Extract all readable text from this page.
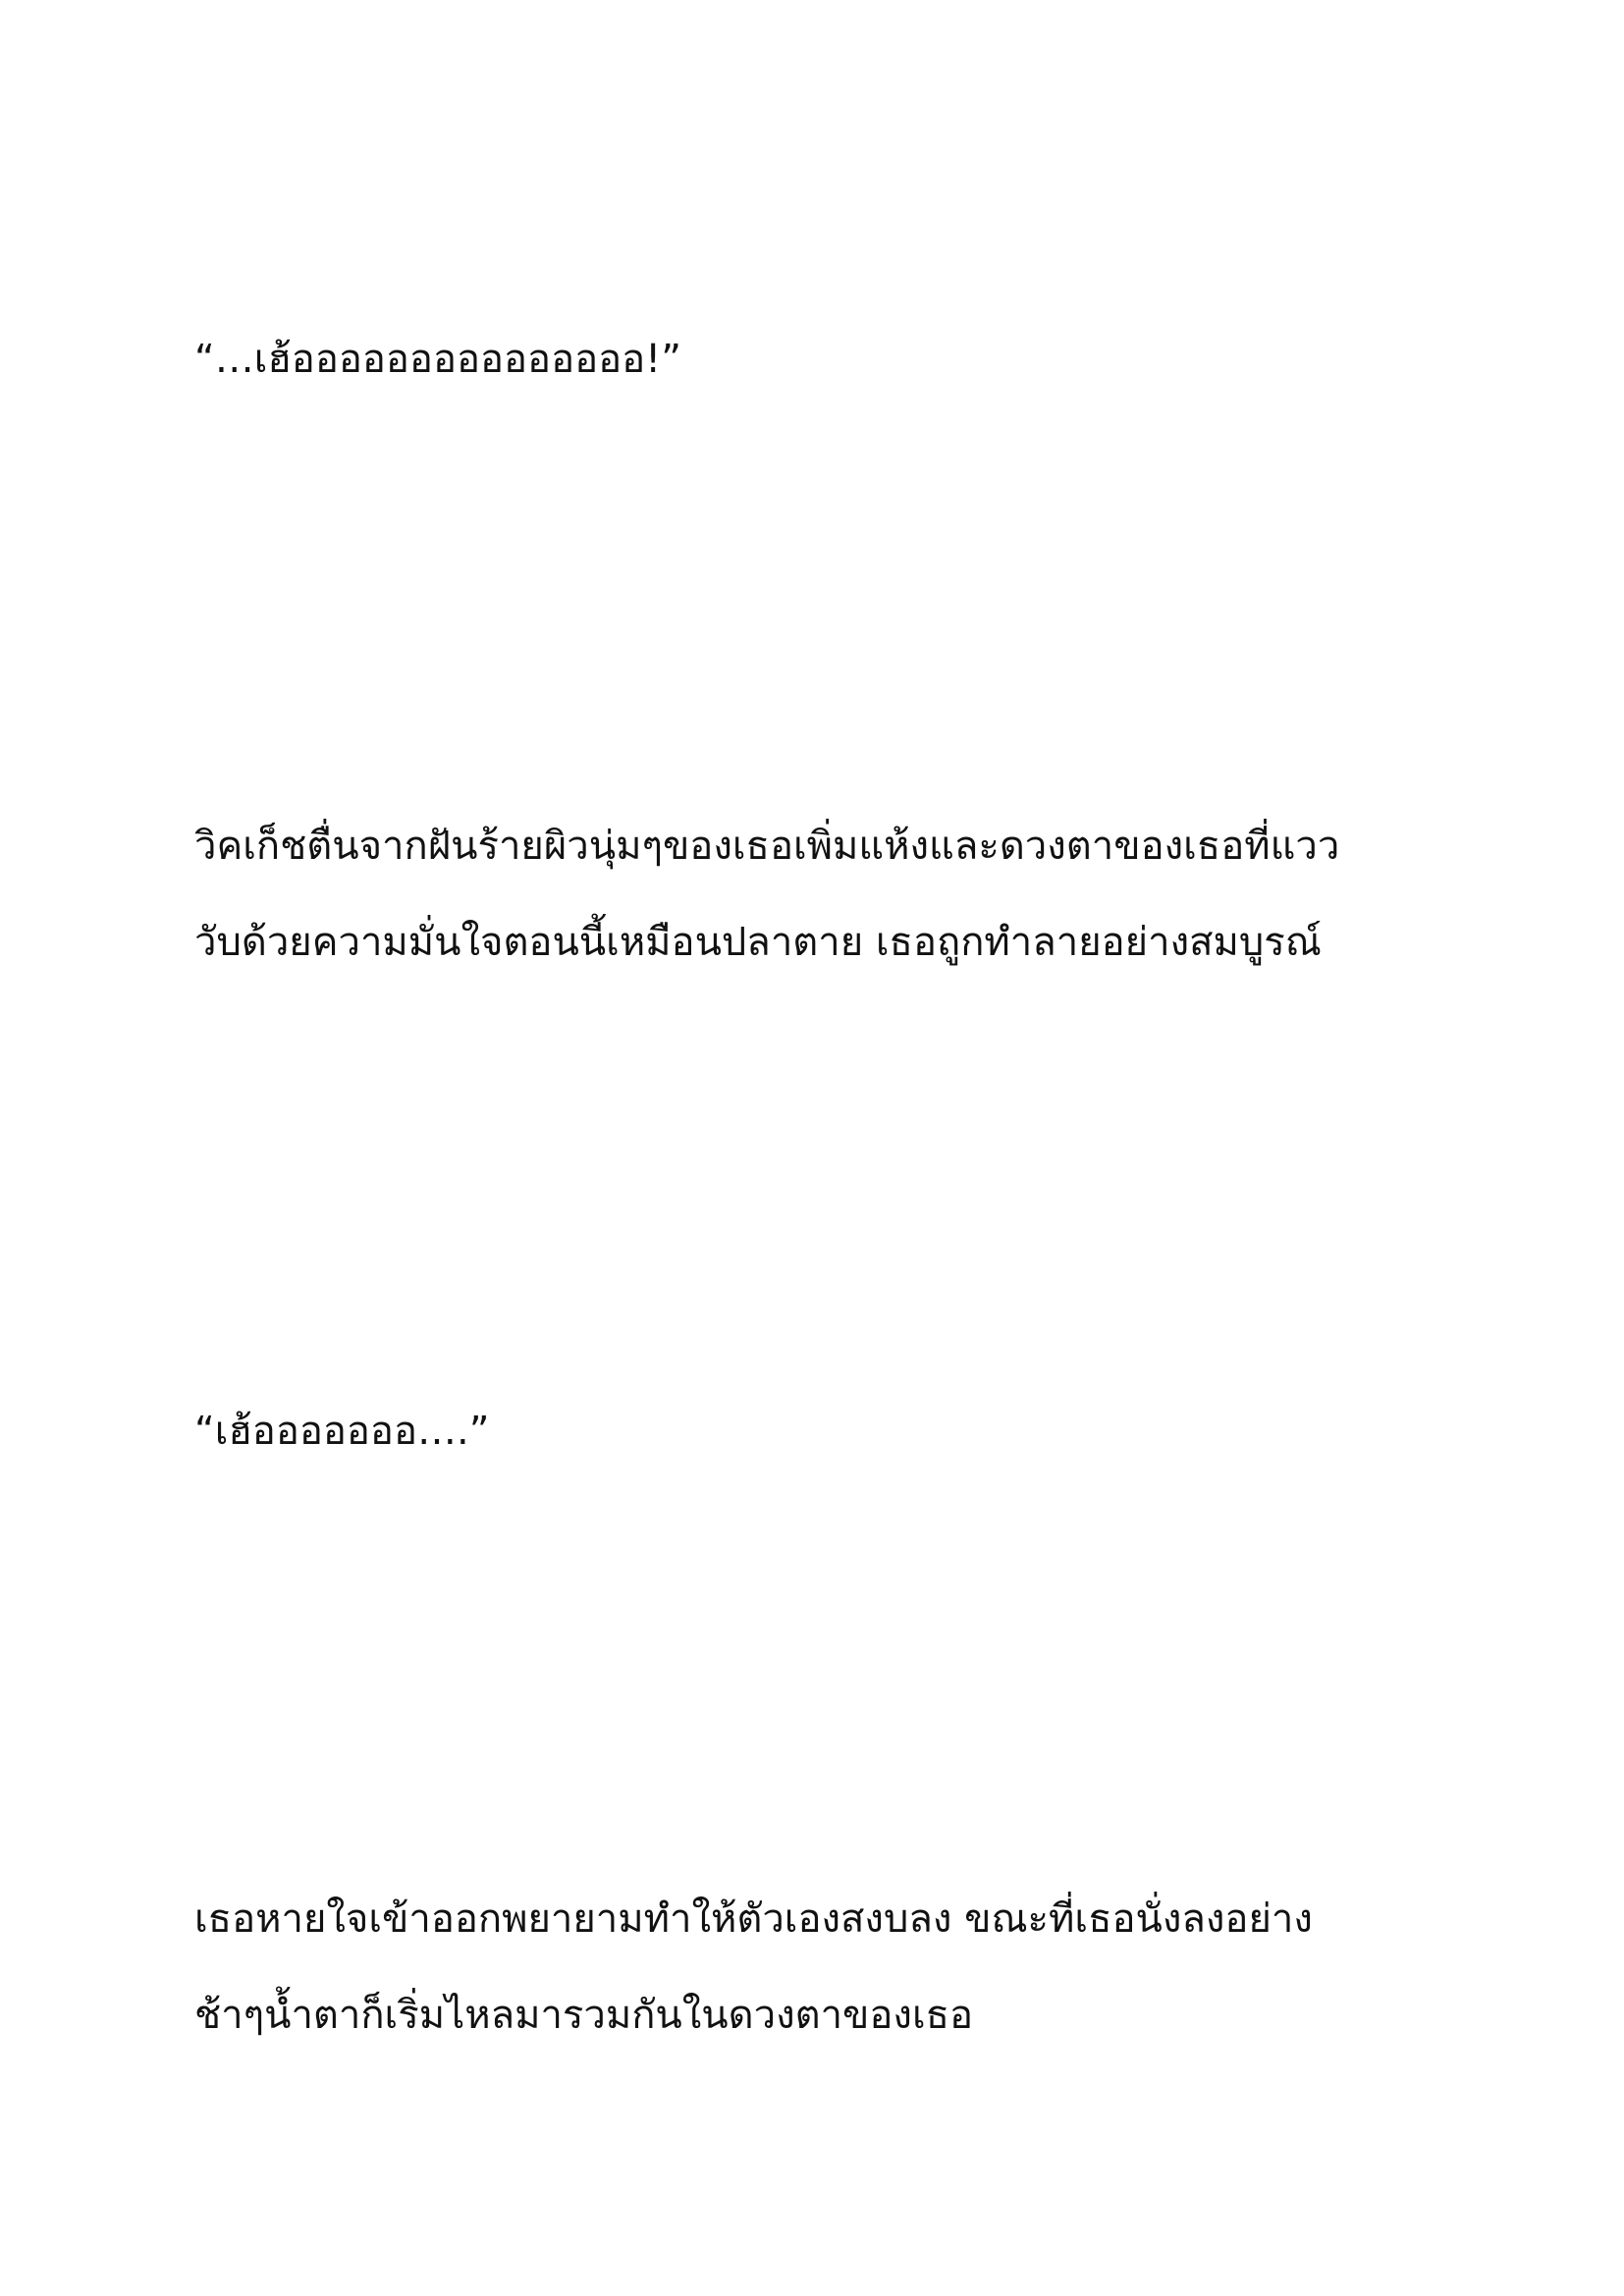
“…เฮ้อออออออออออออออ!”
วิคเก็ชตื่นจากฝันร้ายผิวนุ่มๆของเธอเพิ่มแห้งและดวงตาของเธอที่แวว
วับด้วยความมั่นใจตอนนี้เหมือนปลาตาย เธอถูกทำลายอย่างสมบูรณ์
“เฮ้อออออออ….”
เธอหายใจเข้าออกพยายามทำให้ตัวเองสงบลง ขณะที่เธอนั่งลงอย่าง
ช้าๆน้ำตาก็เริ่มไหลมารวมกันในดวงตาของเธอ
